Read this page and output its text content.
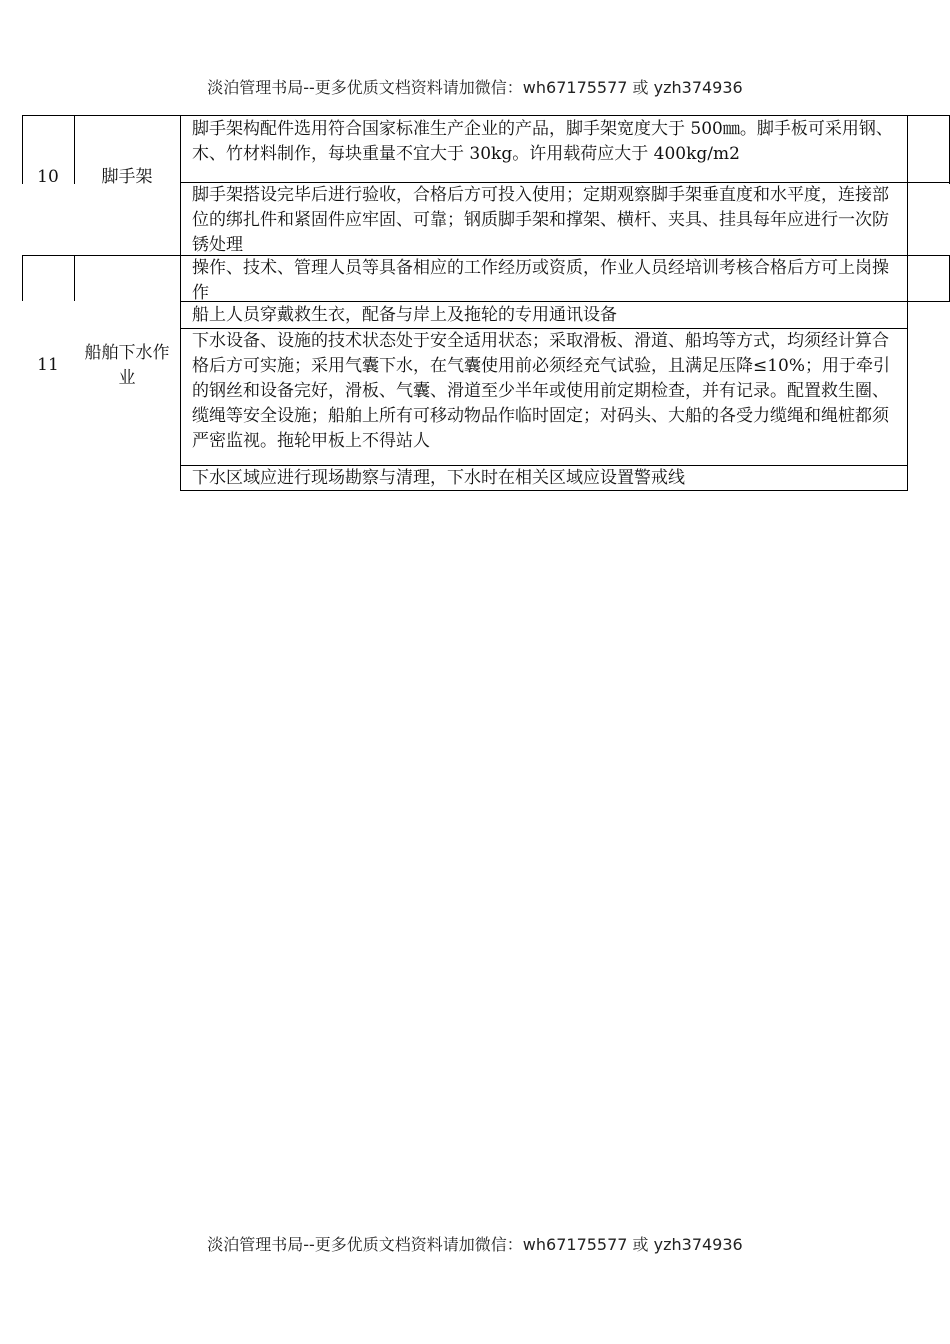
淡泊管理书局--更多优质文档资料请加微信：wh67175577 或 yzh374936
10	脚手架
脚手架构配件选用符合国家标准生产企业的产品，脚手架宽度大于 500㎜。脚手板可采用钢、木、竹材料制作，每块重量不宜大于 30kg。许用载荷应大于 400kg/m2
脚手架搭设完毕后进行验收，合格后方可投入使用；定期观察脚手架垂直度和水平度，连接部位的绑扎件和紧固件应牢固、可靠；钢质脚手架和撑架、横杆、夹具、挂具每年应进行一次防锈处理
11
船舶下水作业
操作、技术、管理人员等具备相应的工作经历或资质，作业人员经培训考核合格后方可上岗操作
船上人员穿戴救生衣，配备与岸上及拖轮的专用通讯设备
下水设备、设施的技术状态处于安全适用状态；采取滑板、滑道、船坞等方式，均须经计算合格后方可实施；采用气囊下水，在气囊使用前必须经充气试验，且满足压降≤10%；用于牵引的钢丝和设备完好，滑板、气囊、滑道至少半年或使用前定期检查，并有记录。配置救生圈、缆绳等安全设施；船舶上所有可移动物品作临时固定；对码头、大船的各受力缆绳和绳桩都须严密监视。拖轮甲板上不得站人
下水区域应进行现场勘察与清理，下水时在相关区域应设置警戒线
淡泊管理书局--更多优质文档资料请加微信：wh67175577 或 yzh374936
